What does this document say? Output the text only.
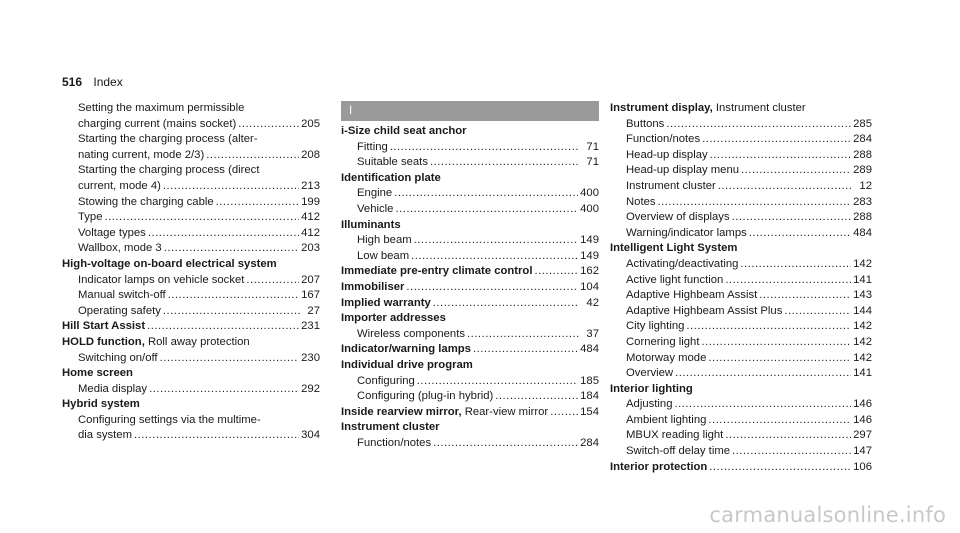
516 Index
Setting the maximum permissible
charging current (mains socket) .....	205
Starting the charging process (alter-
nating current, mode 2/3) .....	208
Starting the charging process (direct
current, mode 4) .....	213
Stowing the charging cable .....	199
Type .....	412
Voltage types .....	412
Wallbox, mode 3 .....	203
High-voltage on-board electrical system
Indicator lamps on vehicle socket .....	207
Manual switch-off .....	167
Operating safety .....	27
Hill Start Assist .....	231
HOLD function, Roll away protection
Switching on/off .....	230
Home screen
Media display .....	292
Hybrid system
Configuring settings via the multime-
dia system .....	304
I
i-Size child seat anchor
Fitting .....	71
Suitable seats .....	71
Identification plate
Engine .....	400
Vehicle .....	400
Illuminants
High beam .....	149
Low beam .....	149
Immediate pre-entry climate control .....	162
Immobiliser .....	104
Implied warranty .....	42
Importer addresses
Wireless components .....	37
Indicator/warning lamps .....	484
Individual drive program
Configuring .....	185
Configuring (plug-in hybrid) .....	184
Inside rearview mirror, Rear-view mirror .....	154
Instrument cluster
Function/notes .....	284
Instrument display, Instrument cluster
Buttons .....	285
Function/notes .....	284
Head-up display .....	288
Head-up display menu .....	289
Instrument cluster .....	12
Notes .....	283
Overview of displays .....	288
Warning/indicator lamps .....	484
Intelligent Light System
Activating/deactivating .....	142
Active light function .....	141
Adaptive Highbeam Assist .....	143
Adaptive Highbeam Assist Plus .....	144
City lighting .....	142
Cornering light .....	142
Motorway mode .....	142
Overview .....	141
Interior lighting
Adjusting .....	146
Ambient lighting .....	146
MBUX reading light .....	297
Switch-off delay time .....	147
Interior protection .....	106
carmanualsonline.info
